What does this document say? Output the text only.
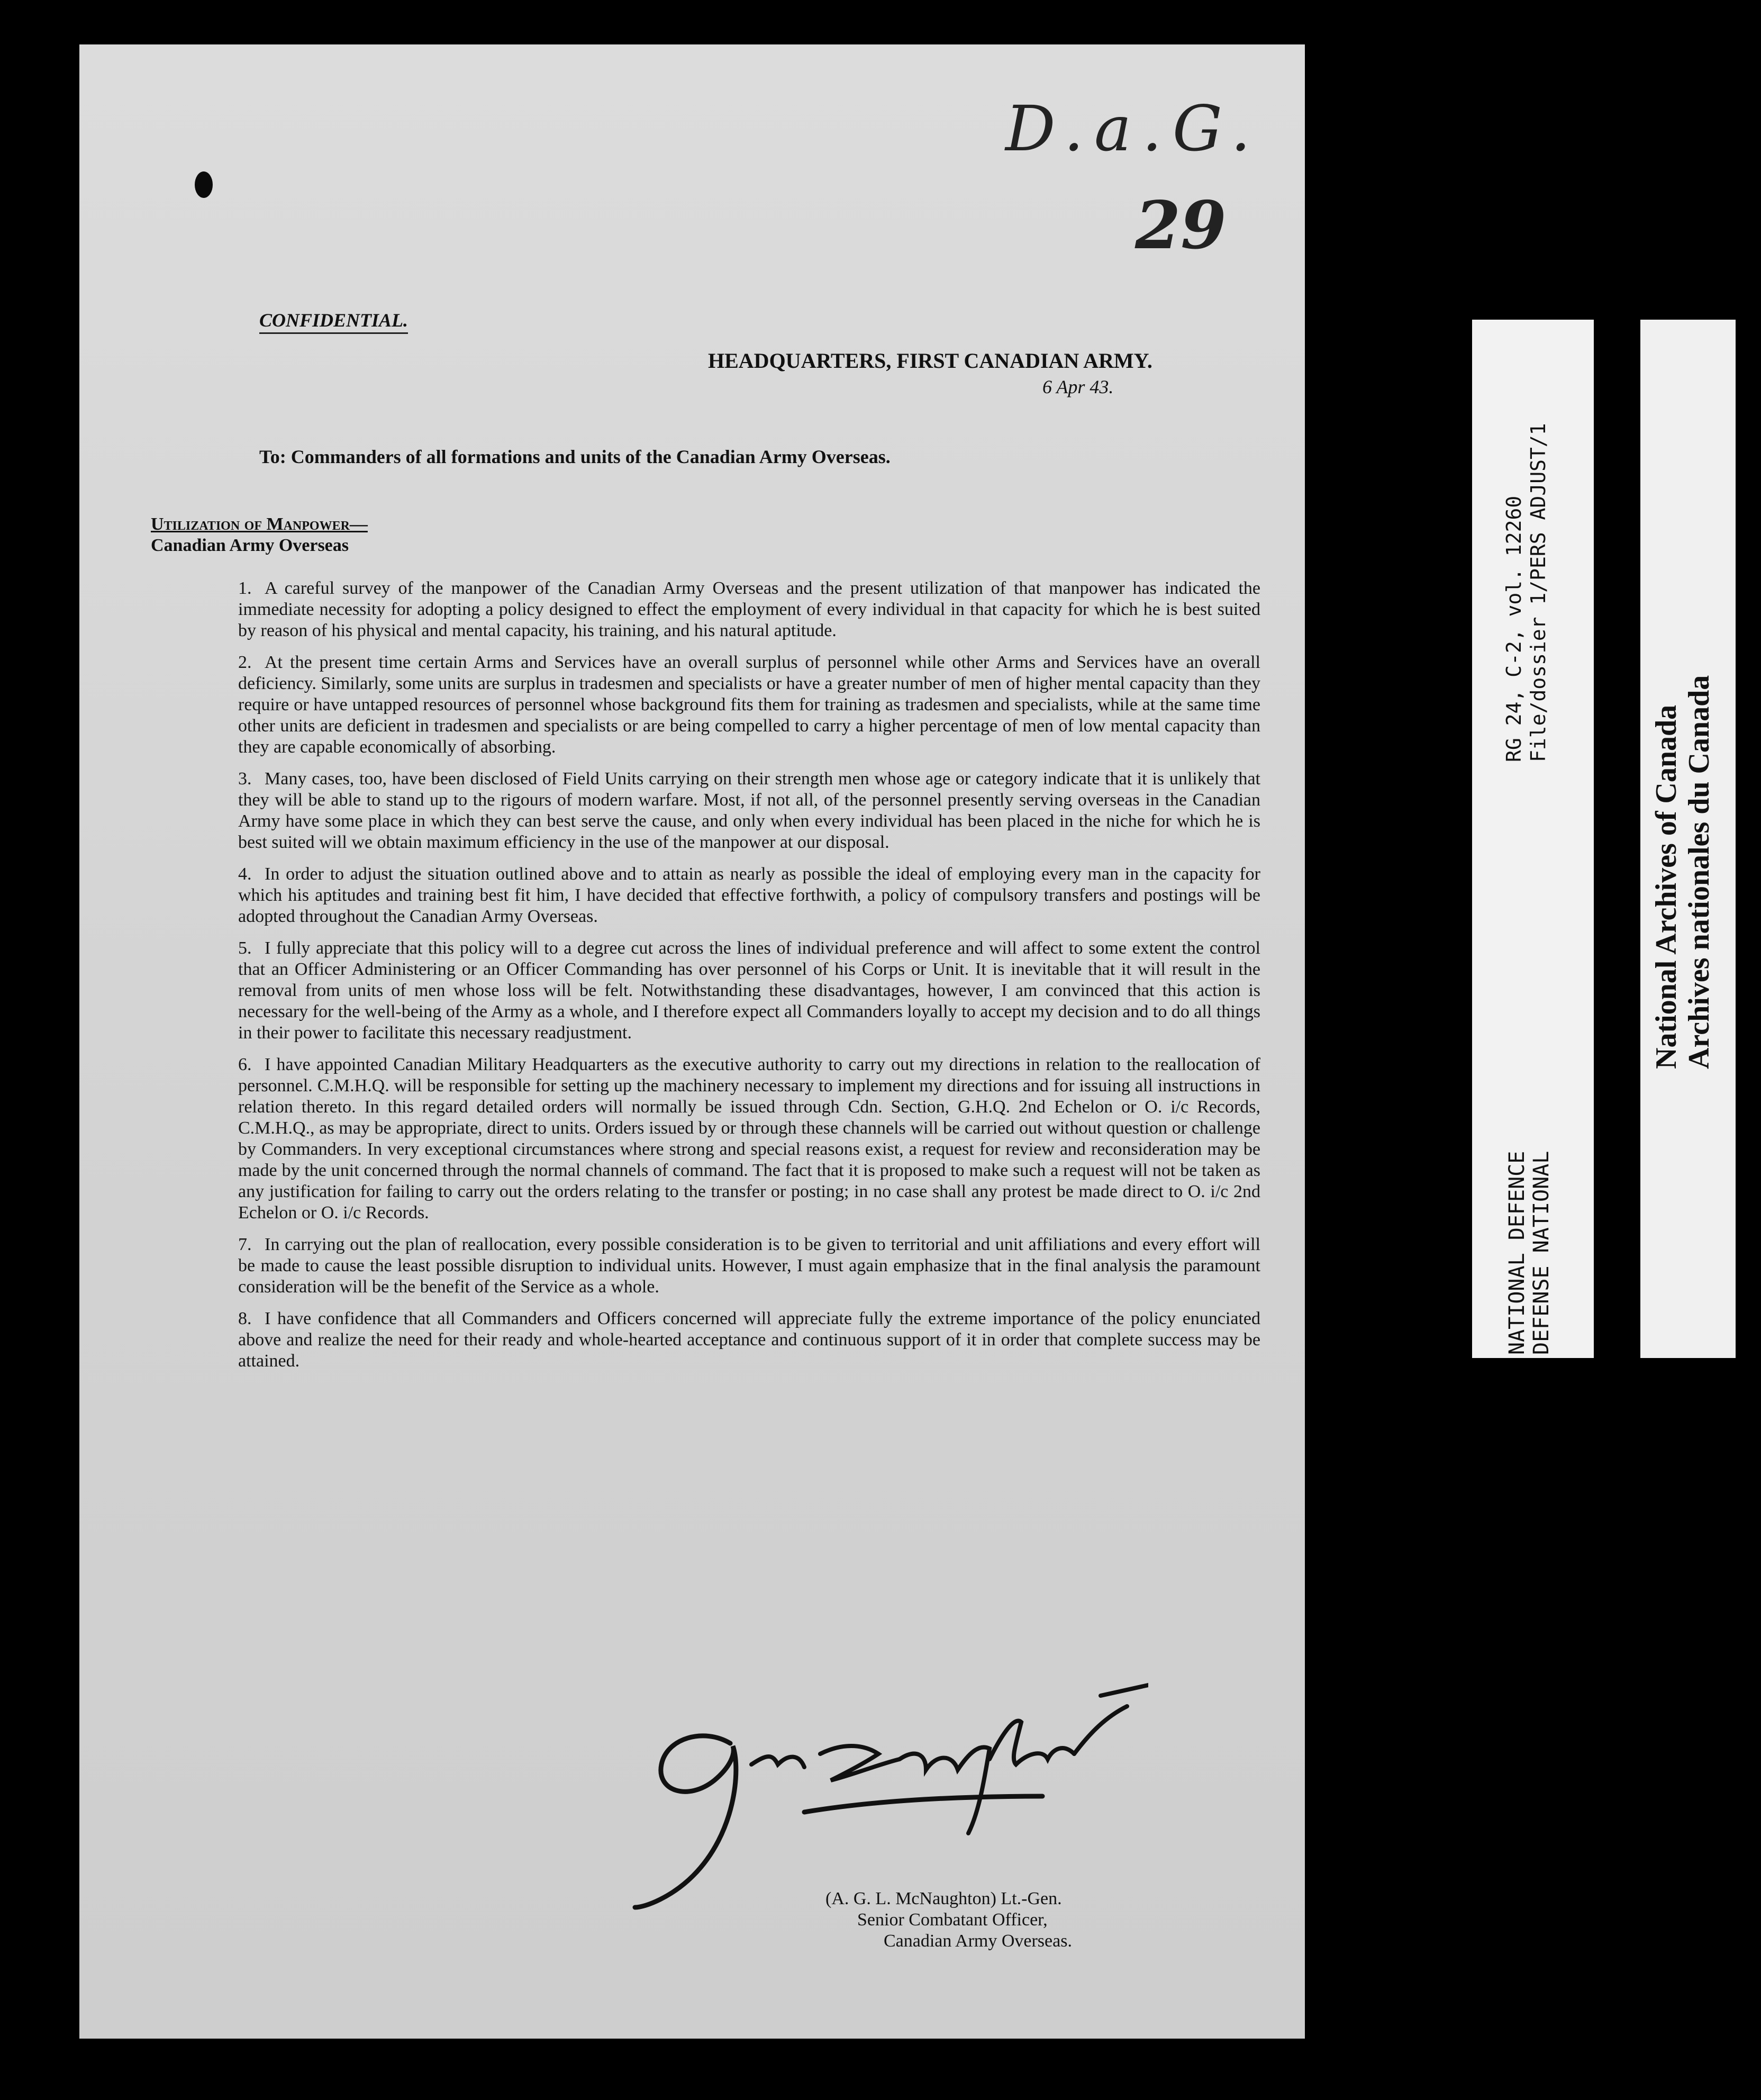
D.a.G.
29
CONFIDENTIAL.
HEADQUARTERS, FIRST CANADIAN ARMY.
6 Apr 43.
To: Commanders of all formations and units of the Canadian Army Overseas.
Utilization of Manpower—
Canadian Army Overseas

1. A careful survey of the manpower of the Canadian Army Overseas and the present utilization of that manpower has indicated the immediate necessity for adopting a policy designed to effect the employment of every individual in that capacity for which he is best suited by reason of his physical and mental capacity, his training, and his natural aptitude.

2. At the present time certain Arms and Services have an overall surplus of personnel while other Arms and Services have an overall deficiency. Similarly, some units are surplus in tradesmen and specialists or have a greater number of men of higher mental capacity than they require or have untapped resources of personnel whose background fits them for training as tradesmen and specialists, while at the same time other units are deficient in tradesmen and specialists or are being compelled to carry a higher percentage of men of low mental capacity than they are capable economically of absorbing.

3. Many cases, too, have been disclosed of Field Units carrying on their strength men whose age or category indicate that it is unlikely that they will be able to stand up to the rigours of modern warfare. Most, if not all, of the personnel presently serving overseas in the Canadian Army have some place in which they can best serve the cause, and only when every individual has been placed in the niche for which he is best suited will we obtain maximum efficiency in the use of the manpower at our disposal.

4. In order to adjust the situation outlined above and to attain as nearly as possible the ideal of employing every man in the capacity for which his aptitudes and training best fit him, I have decided that effective forthwith, a policy of compulsory transfers and postings will be adopted throughout the Canadian Army Overseas.

5. I fully appreciate that this policy will to a degree cut across the lines of individual preference and will affect to some extent the control that an Officer Administering or an Officer Commanding has over personnel of his Corps or Unit. It is inevitable that it will result in the removal from units of men whose loss will be felt. Notwithstanding these disadvantages, however, I am convinced that this action is necessary for the well-being of the Army as a whole, and I therefore expect all Commanders loyally to accept my decision and to do all things in their power to facilitate this necessary readjustment.

6. I have appointed Canadian Military Headquarters as the executive authority to carry out my directions in relation to the reallocation of personnel. C.M.H.Q. will be responsible for setting up the machinery necessary to implement my directions and for issuing all instructions in relation thereto. In this regard detailed orders will normally be issued through Cdn. Section, G.H.Q. 2nd Echelon or O. i/c Records, C.M.H.Q., as may be appropriate, direct to units. Orders issued by or through these channels will be carried out without question or challenge by Commanders. In very exceptional circumstances where strong and special reasons exist, a request for review and reconsideration may be made by the unit concerned through the normal channels of command. The fact that it is proposed to make such a request will not be taken as any justification for failing to carry out the orders relating to the transfer or posting; in no case shall any protest be made direct to O. i/c 2nd Echelon or O. i/c Records.

7. In carrying out the plan of reallocation, every possible consideration is to be given to territorial and unit affiliations and every effort will be made to cause the least possible disruption to individual units. However, I must again emphasize that in the final analysis the paramount consideration will be the benefit of the Service as a whole.

8. I have confidence that all Commanders and Officers concerned will appreciate fully the extreme importance of the policy enunciated above and realize the need for their ready and whole-hearted acceptance and continuous support of it in order that complete success may be attained.

(A. G. L. McNaughton) Lt.-Gen.
Senior Combatant Officer,
Canadian Army Overseas.
RG 24, C-2, vol. 12260 File/dossier 1/PERS ADJUST/1
NATIONAL DEFENCE DEFENSE NATIONAL
National Archives of Canada Archives nationales du Canada
